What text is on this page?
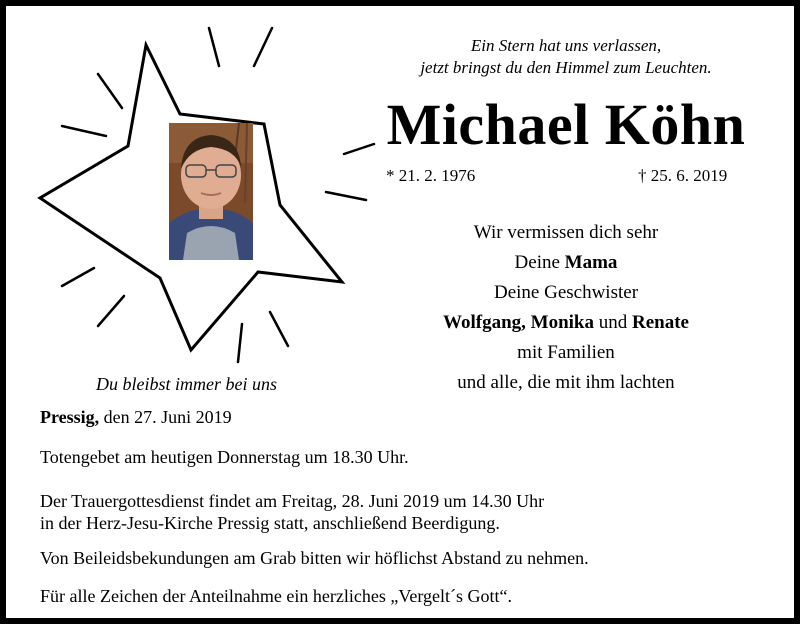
Ein Stern hat uns verlassen,
jetzt bringst du den Himmel zum Leuchten.
Michael Köhn
* 21. 2. 1976	† 25. 6. 2019
Wir vermissen dich sehr
Deine Mama
Deine Geschwister
Wolfgang, Monika und Renate
mit Familien
und alle, die mit ihm lachten
Du bleibst immer bei uns
Pressig, den 27. Juni 2019
Totengebet am heutigen Donnerstag um 18.30 Uhr.
Der Trauergottesdienst findet am Freitag, 28. Juni 2019 um 14.30 Uhr
in der Herz-Jesu-Kirche Pressig statt, anschließend Beerdigung.
Von Beileidsbekundungen am Grab bitten wir höflichst Abstand zu nehmen.
Für alle Zeichen der Anteilnahme ein herzliches „Vergelt´s Gott“.
